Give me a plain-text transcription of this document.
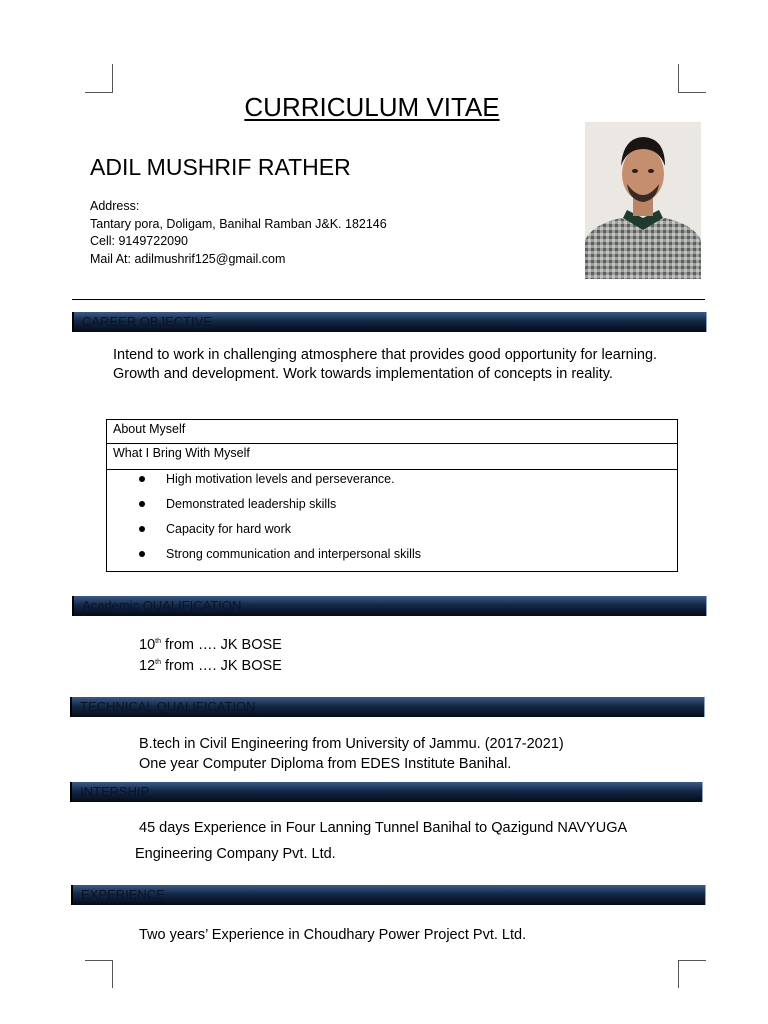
CURRICULUM VITAE
ADIL MUSHRIF RATHER
Address:
Tantary pora, Doligam, Banihal Ramban J&K. 182146
Cell: 9149722090
Mail At: adilmushrif125@gmail.com
CAREER OBJECTIVE
Intend to work in challenging atmosphere that provides good opportunity for learning. Growth and development. Work towards implementation of concepts in reality.
About Myself
What I Bring With Myself
High motivation levels and perseverance.
Demonstrated leadership skills
Capacity for hard work
Strong communication and interpersonal skills
Academic QUALIFICATION
10th from …. JK BOSE
12th from …. JK BOSE
TECHNICAL QUALIFICATION
B.tech in Civil Engineering from University of Jammu. (2017-2021)
One year Computer Diploma from EDES Institute Banihal.
INTERSHIP
45 days Experience in Four Lanning Tunnel Banihal to Qazigund NAVYUGA
Engineering Company Pvt. Ltd.
EXPERIENCE
Two years’ Experience in Choudhary Power Project Pvt. Ltd.
